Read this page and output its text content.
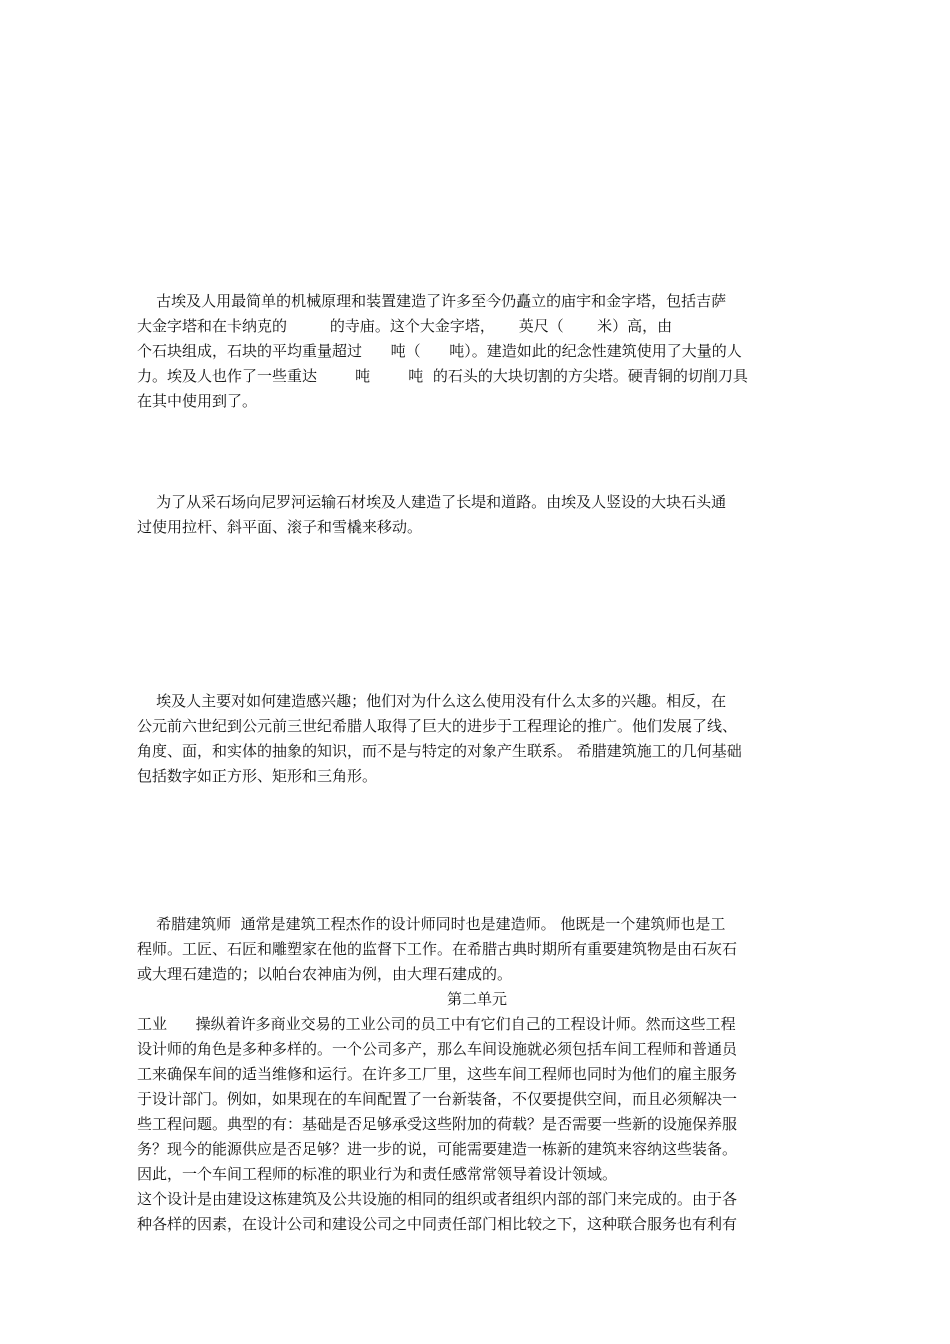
古埃及人用最简单的机械原理和装置建造了许多至今仍矗立的庙宇和金字塔，包括吉萨
大金字塔和在卡纳克的         的寺庙。这个大金字塔，     英尺（       米）高，由
个石块组成，石块的平均重量超过      吨（      吨）。建造如此的纪念性建筑使用了大量的人
力。埃及人也作了一些重达        吨        吨  的石头的大块切割的方尖塔。硬青铜的切削刀具
在其中使用到了。
为了从采石场向尼罗河运输石材埃及人建造了长堤和道路。由埃及人竖设的大块石头通
过使用拉杆、斜平面、滚子和雪橇来移动。
埃及人主要对如何建造感兴趣；他们对为什么这么使用没有什么太多的兴趣。相反，在
公元前六世纪到公元前三世纪希腊人取得了巨大的进步于工程理论的推广。他们发展了线、
角度、面，和实体的抽象的知识，而不是与特定的对象产生联系。 希腊建筑施工的几何基础
包括数字如正方形、矩形和三角形。
希腊建筑师  通常是建筑工程杰作的设计师同时也是建造师。 他既是一个建筑师也是工
程师。工匠、石匠和雕塑家在他的监督下工作。在希腊古典时期所有重要建筑物是由石灰石
或大理石建造的；以帕台农神庙为例，由大理石建成的。
第二单元
工业      操纵着许多商业交易的工业公司的员工中有它们自己的工程设计师。然而这些工程
设计师的角色是多种多样的。一个公司多产，那么车间设施就必须包括车间工程师和普通员
工来确保车间的适当维修和运行。在许多工厂里，这些车间工程师也同时为他们的雇主服务
于设计部门。例如，如果现在的车间配置了一台新装备，不仅要提供空间，而且必须解决一
些工程问题。典型的有：基础是否足够承受这些附加的荷载？是否需要一些新的设施保养服
务？现今的能源供应是否足够？进一步的说，可能需要建造一栋新的建筑来容纳这些装备。
因此，一个车间工程师的标准的职业行为和责任感常常领导着设计领域。
这个设计是由建设这栋建筑及公共设施的相同的组织或者组织内部的部门来完成的。由于各
种各样的因素，在设计公司和建设公司之中同责任部门相比较之下，这种联合服务也有利有
